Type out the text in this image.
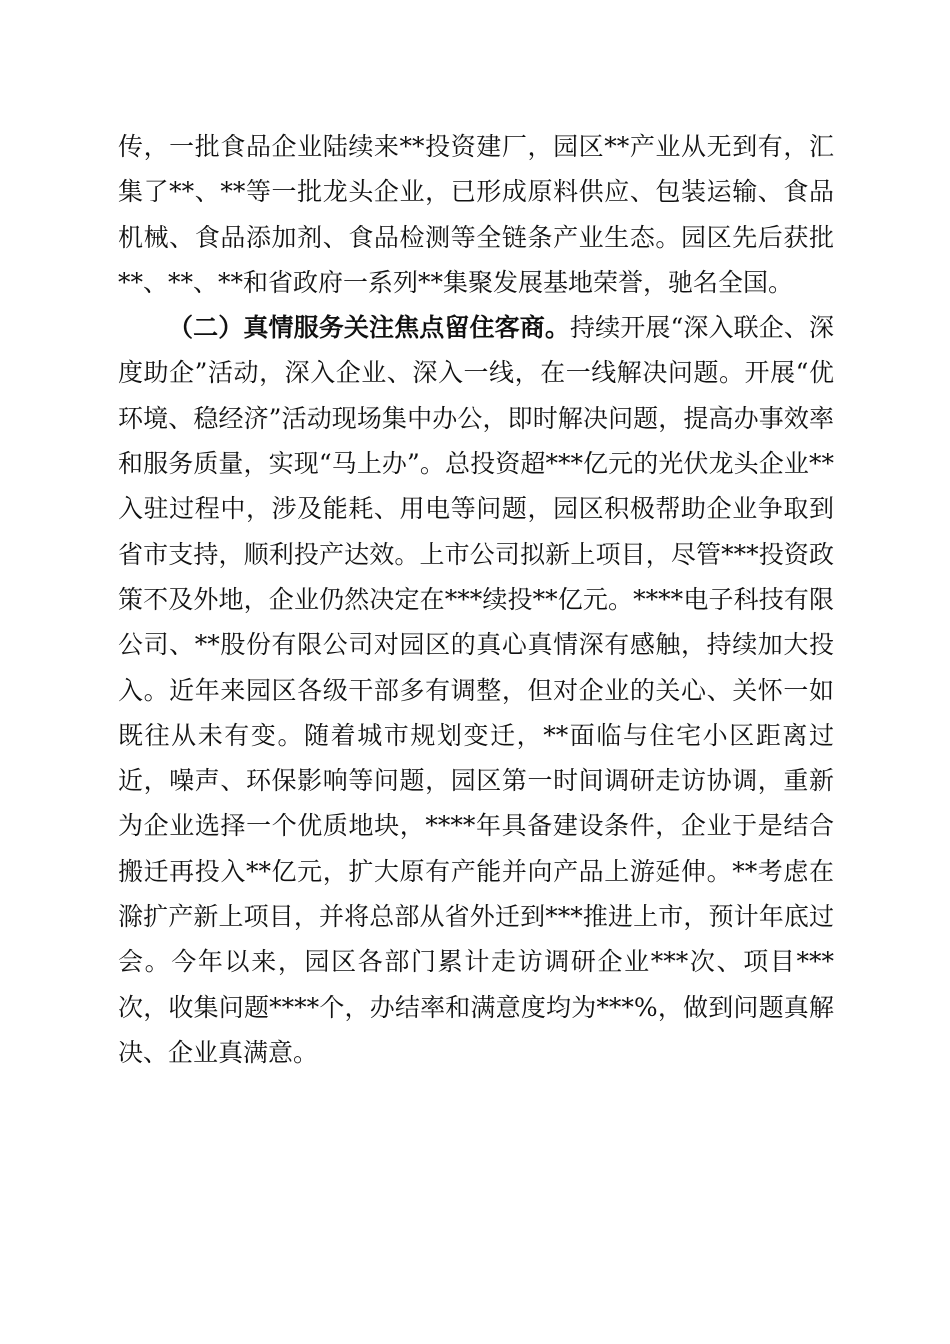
传，一批食品企业陆续来**投资建厂，园区**产业从无到有，汇集了**、**等一批龙头企业，已形成原料供应、包装运输、食品机械、食品添加剂、食品检测等全链条产业生态。园区先后获批**、**、**和省政府一系列**集聚发展基地荣誉，驰名全国。

（二）真情服务关注焦点留住客商。持续开展“深入联企、深度助企”活动，深入企业、深入一线，在一线解决问题。开展“优环境、稳经济”活动现场集中办公，即时解决问题，提高办事效率和服务质量，实现“马上办”。总投资超***亿元的光伏龙头企业**入驻过程中，涉及能耗、用电等问题，园区积极帮助企业争取到省市支持，顺利投产达效。上市公司拟新上项目，尽管***投资政策不及外地，企业仍然决定在***续投**亿元。****电子科技有限公司、**股份有限公司对园区的真心真情深有感触，持续加大投入。近年来园区各级干部多有调整，但对企业的关心、关怀一如既往从未有变。随着城市规划变迁，**面临与住宅小区距离过近，噪声、环保影响等问题，园区第一时间调研走访协调，重新为企业选择一个优质地块，****年具备建设条件，企业于是结合搬迁再投入**亿元，扩大原有产能并向产品上游延伸。**考虑在滁扩产新上项目，并将总部从省外迁到***推进上市，预计年底过会。今年以来，园区各部门累计走访调研企业***次、项目***次，收集问题****个，办结率和满意度均为***%，做到问题真解决、企业真满意。
